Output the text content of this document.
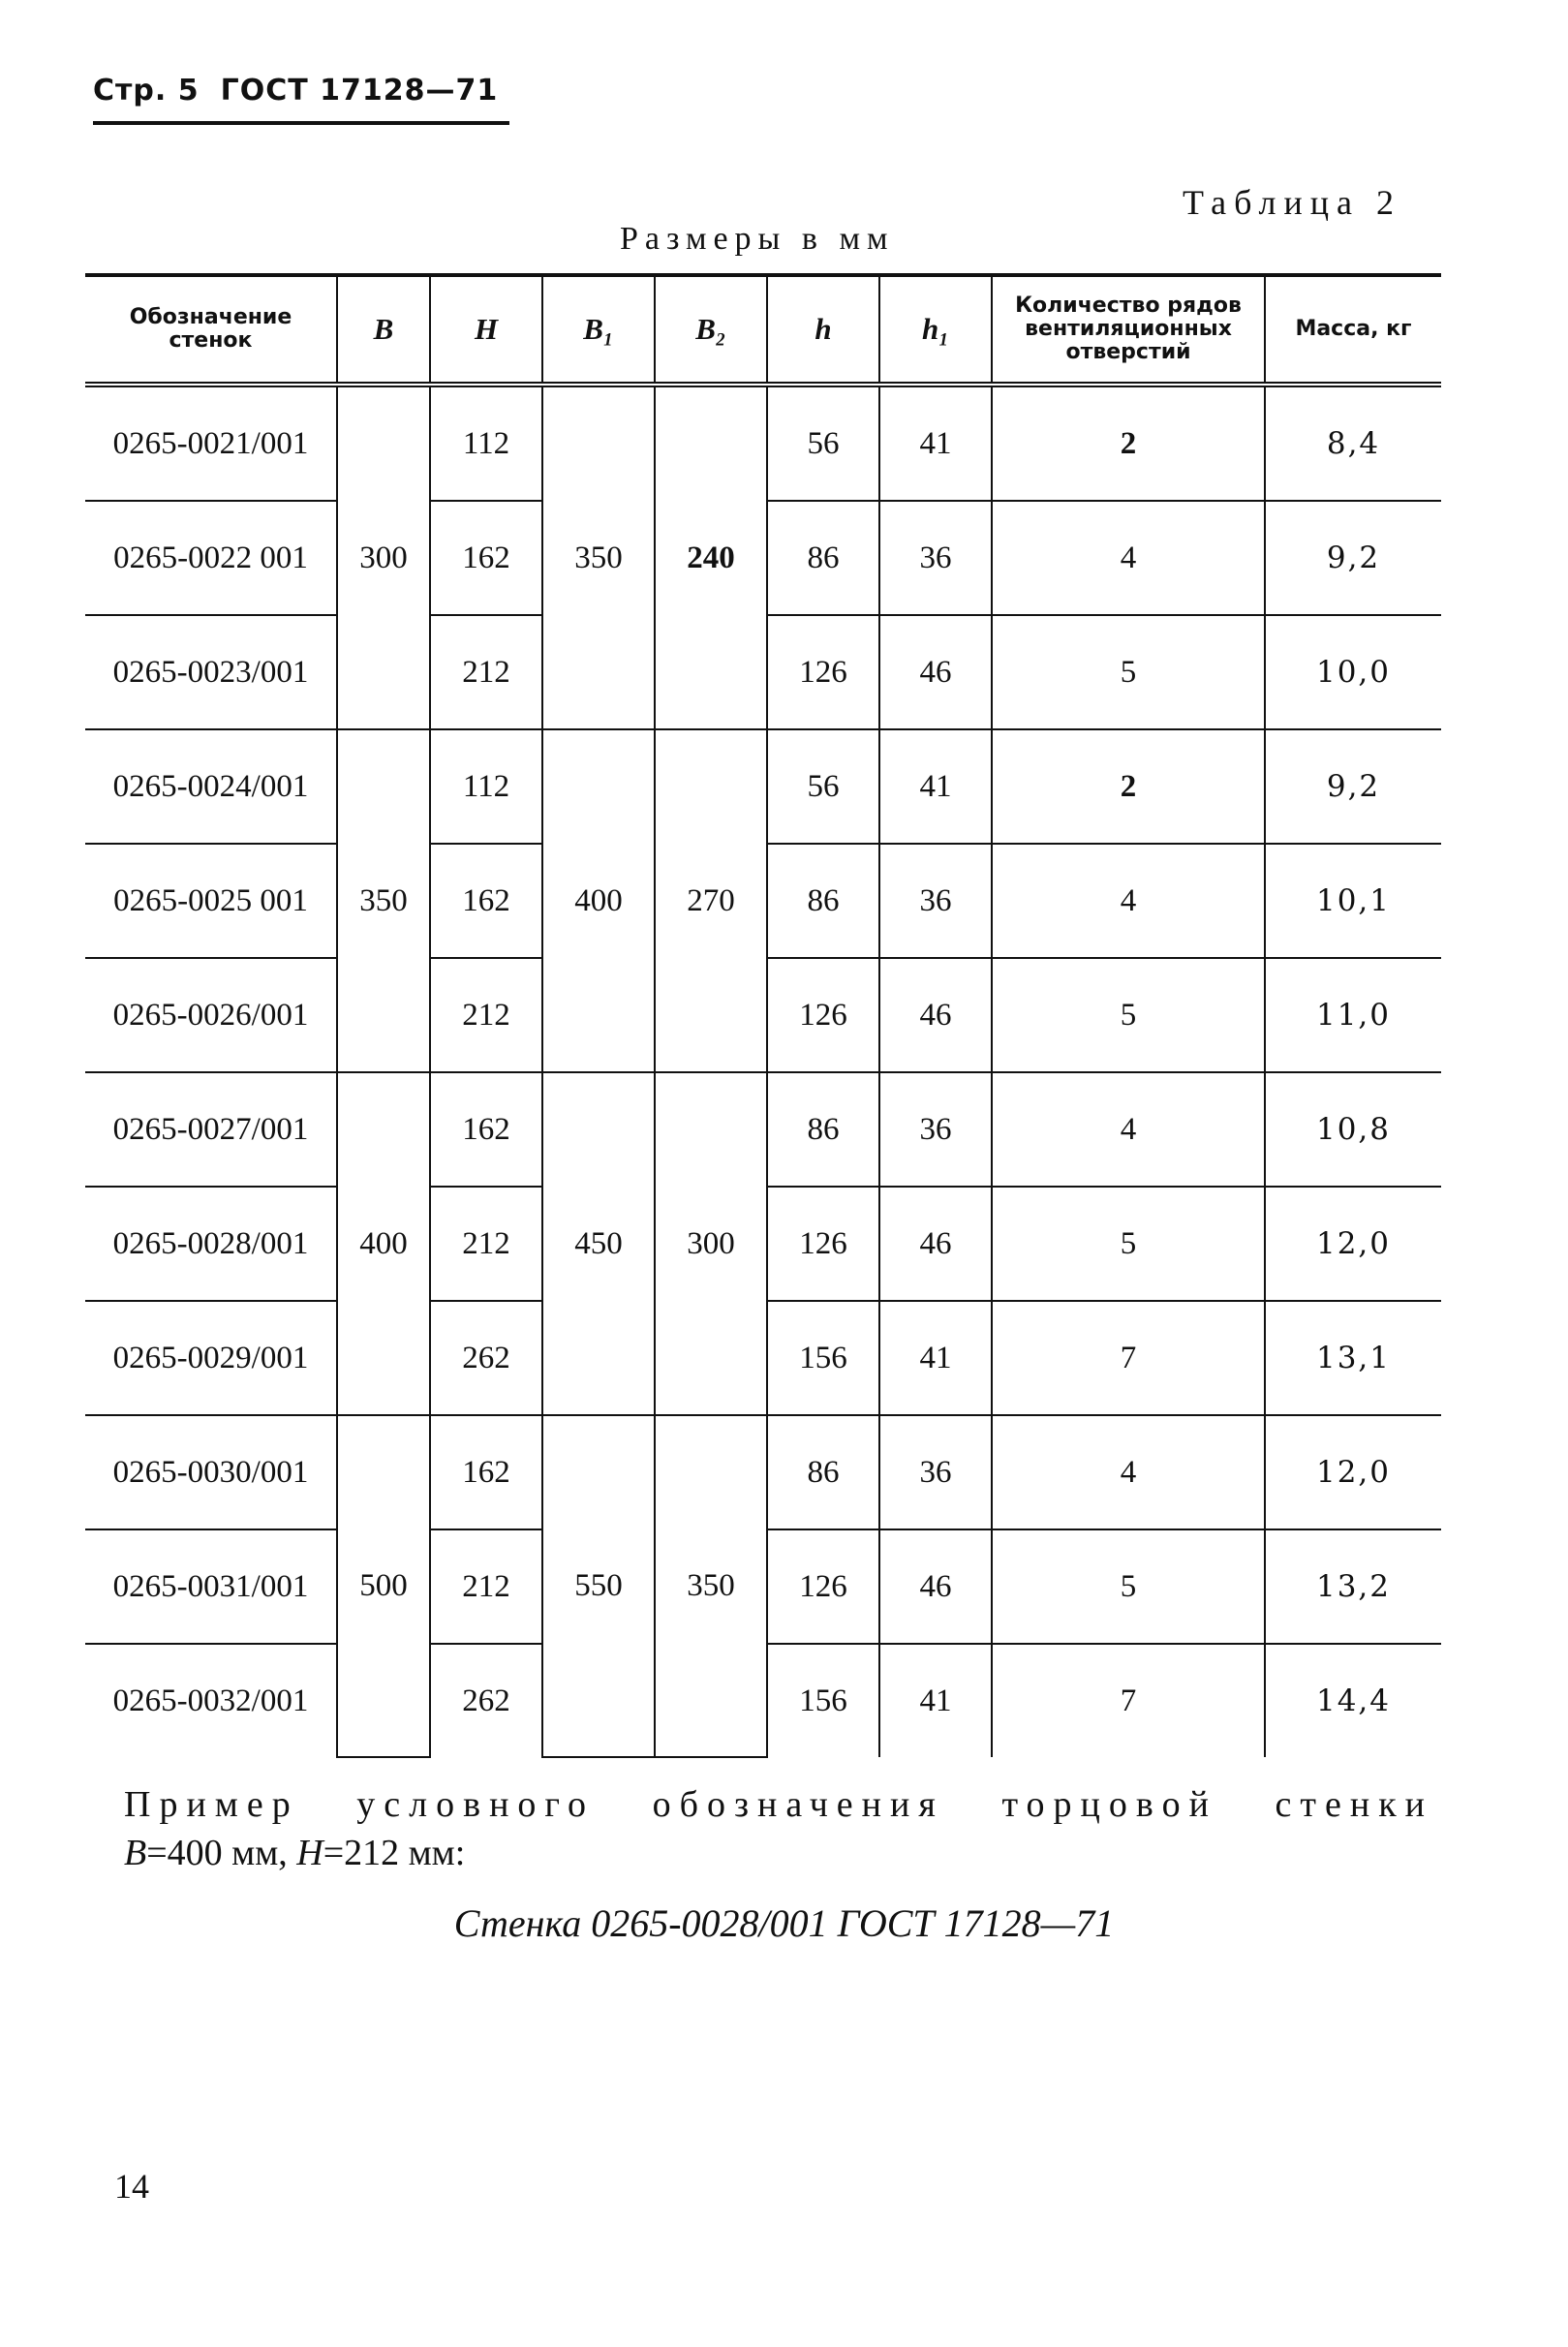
Стр. 5 ГОСТ 17128—71
Таблица 2
Размеры в мм
Обозначение стенок	B	H	B₁	B₂	h	h₁	Количество рядов вентиляционных отверстий	Масса, кг
0265-0021/001	300	112	350	240	56	41	2	8,4
0265-0022 001		162			86	36	4	9,2
0265-0023/001		212			126	46	5	10,0
0265-0024/001	350	112	400	270	56	41	2	9,2
0265-0025 001		162			86	36	4	10,1
0265-0026/001		212			126	46	5	11,0
0265-0027/001	400	162	450	300	86	36	4	10,8
0265-0028/001		212			126	46	5	12,0
0265-0029/001		262			156	41	7	13,1
0265-0030/001	500	162	550	350	86	36	4	12,0
0265-0031/001		212			126	46	5	13,2
0265-0032/001		262			156	41	7	14,4
Пример условного обозначения торцовой стенки
B=400 мм, H=212 мм:
Стенка 0265-0028/001 ГОСТ 17128—71
14
